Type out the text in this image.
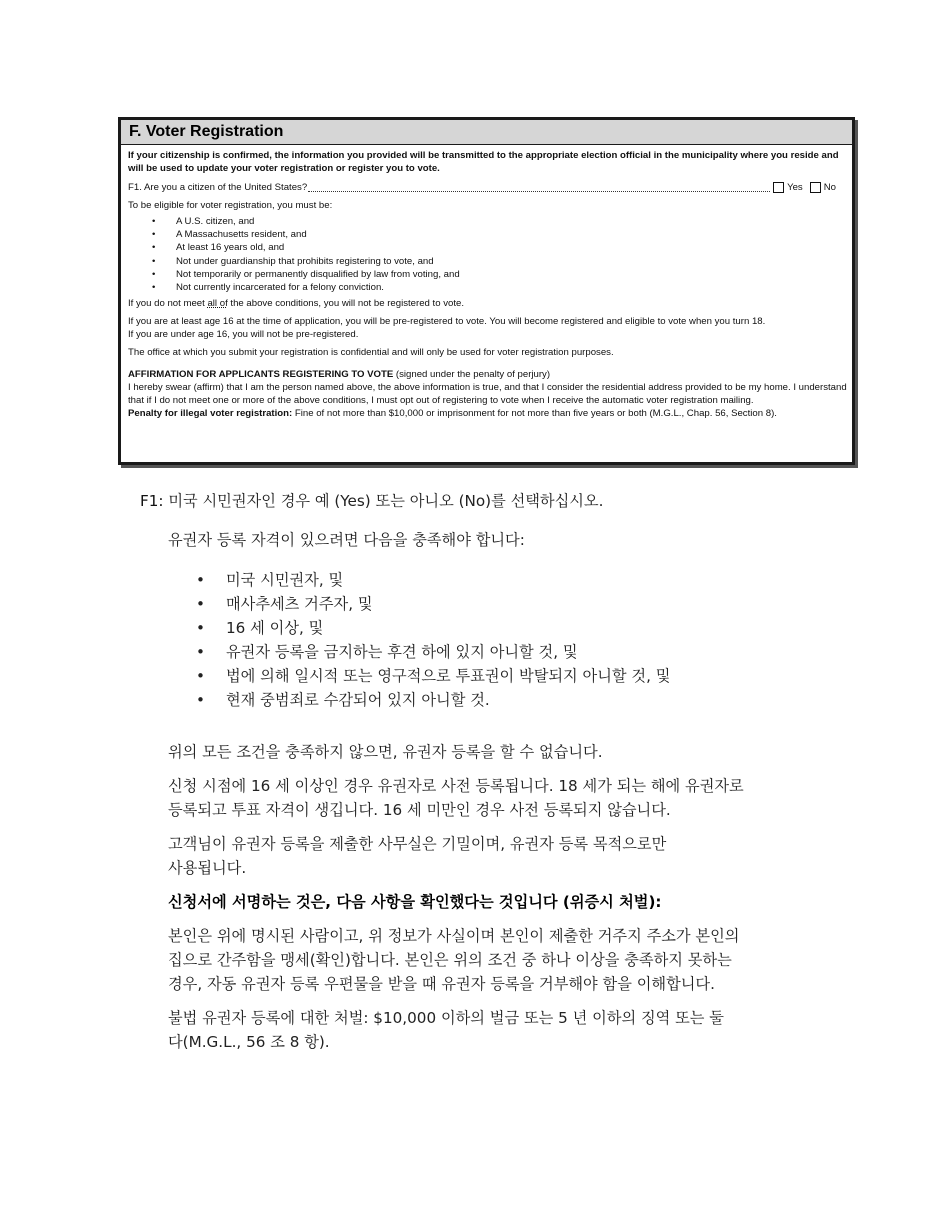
F. Voter Registration

If your citizenship is confirmed, the information you provided will be transmitted to the appropriate election official in the municipality where you reside and will be used to update your voter registration or register you to vote.

F1. Are you a citizen of the United States?	Yes No

To be eligible for voter registration, you must be:

• A U.S. citizen, and
• A Massachusetts resident, and
• At least 16 years old, and
• Not under guardianship that prohibits registering to vote, and
• Not temporarily or permanently disqualified by law from voting, and
• Not currently incarcerated for a felony conviction.

If you do not meet all of the above conditions, you will not be registered to vote.

If you are at least age 16 at the time of application, you will be pre-registered to vote. You will become registered and eligible to vote when you turn 18.

If you are under age 16, you will not be pre-registered.

The office at which you submit your registration is confidential and will only be used for voter registration purposes.

AFFIRMATION FOR APPLICANTS REGISTERING TO VOTE (signed under the penalty of perjury)

I hereby swear (affirm) that I am the person named above, the above information is true, and that I consider the residential address provided to be my home. I understand that if I do not meet one or more of the above conditions, I must opt out of registering to vote when I receive the automatic voter registration mailing.

Penalty for illegal voter registration: Fine of not more than $10,000 or imprisonment for not more than five years or both (M.G.L., Chap. 56, Section 8).

F1: 미국 시민권자인 경우 예 (Yes) 또는 아니오 (No)를 선택하십시오.

유권자 등록 자격이 있으려면 다음을 충족해야 합니다:

• 미국 시민권자, 및
• 매사추세츠 거주자, 및
• 16 세 이상, 및
• 유권자 등록을 금지하는 후견 하에 있지 아니할 것, 및
• 법에 의해 일시적 또는 영구적으로 투표권이 박탈되지 아니할 것, 및
• 현재 중범죄로 수감되어 있지 아니할 것.

위의 모든 조건을 충족하지 않으면, 유권자 등록을 할 수 없습니다.

신청 시점에 16 세 이상인 경우 유권자로 사전 등록됩니다. 18 세가 되는 해에 유권자로

등록되고 투표 자격이 생깁니다. 16 세 미만인 경우 사전 등록되지 않습니다.

고객님이 유권자 등록을 제출한 사무실은 기밀이며, 유권자 등록 목적으로만

사용됩니다.

신청서에 서명하는 것은, 다음 사항을 확인했다는 것입니다 (위증시 처벌):

본인은 위에 명시된 사람이고, 위 정보가 사실이며 본인이 제출한 거주지 주소가 본인의

집으로 간주함을 맹세(확인)합니다. 본인은 위의 조건 중 하나 이상을 충족하지 못하는

경우, 자동 유권자 등록 우편물을 받을 때 유권자 등록을 거부해야 함을 이해합니다.

불법 유권자 등록에 대한 처벌: $10,000 이하의 벌금 또는 5 년 이하의 징역 또는 둘

다(M.G.L., 56 조 8 항).
